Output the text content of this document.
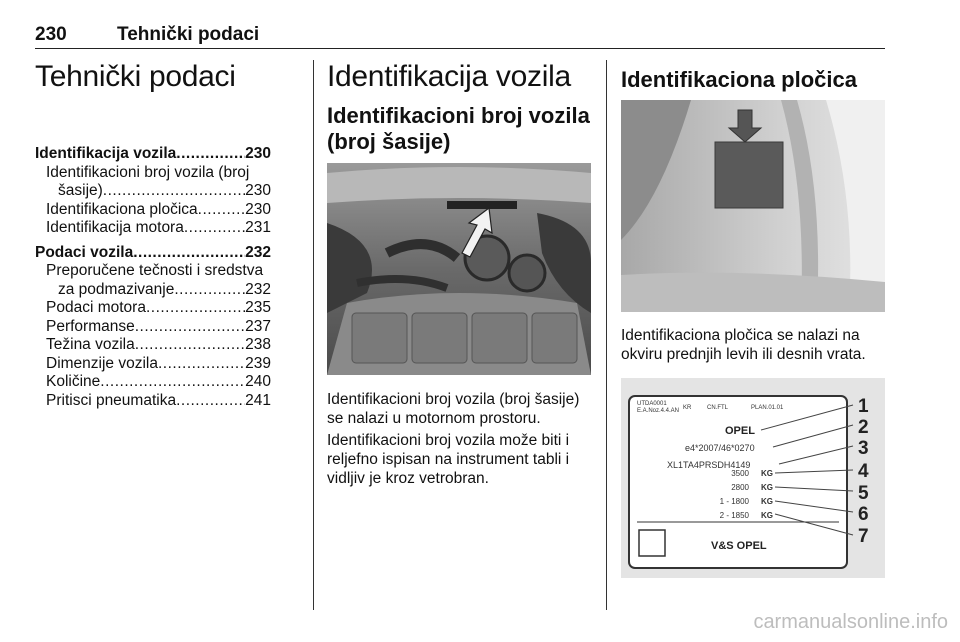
230	Tehnički podaci
Tehnički podaci
Identifikacija vozila .....	230
Identifikacioni broj vozila (broj
šasije) .....	230
Identifikaciona pločica .....	230
Identifikacija motora .....	231
Podaci vozila .....	232
Preporučene tečnosti i sredstva
za podmazivanje .....	232
Podaci motora .....	235
Performanse .....	237
Težina vozila .....	238
Dimenzije vozila .....	239
Količine .....	240
Pritisci pneumatika .....	241
Identifikacija vozila
Identifikacioni broj vozila
(broj šasije)

Identifikacioni broj vozila (broj šasije)
se nalazi u motornom prostoru.

Identifikacioni broj vozila može biti i
reljefno ispisan na instrument tabli i
vidljiv je kroz vetrobran.

Identifikaciona pločica

Identifikaciona pločica se nalazi na
okviru prednjih levih ili desnih vrata.

UTDA0001
E.A.Noz.4.4.AN KR	CN.FTL	PLAN.01.01
OPEL
e4*2007/46*0270
XL1TA4PRSDH4149
3500 KG
2800 KG
1 - 1800 KG
2 - 1850 KG
V&S OPEL
1
2
3
4
5
6
7
carmanualsonline.info
